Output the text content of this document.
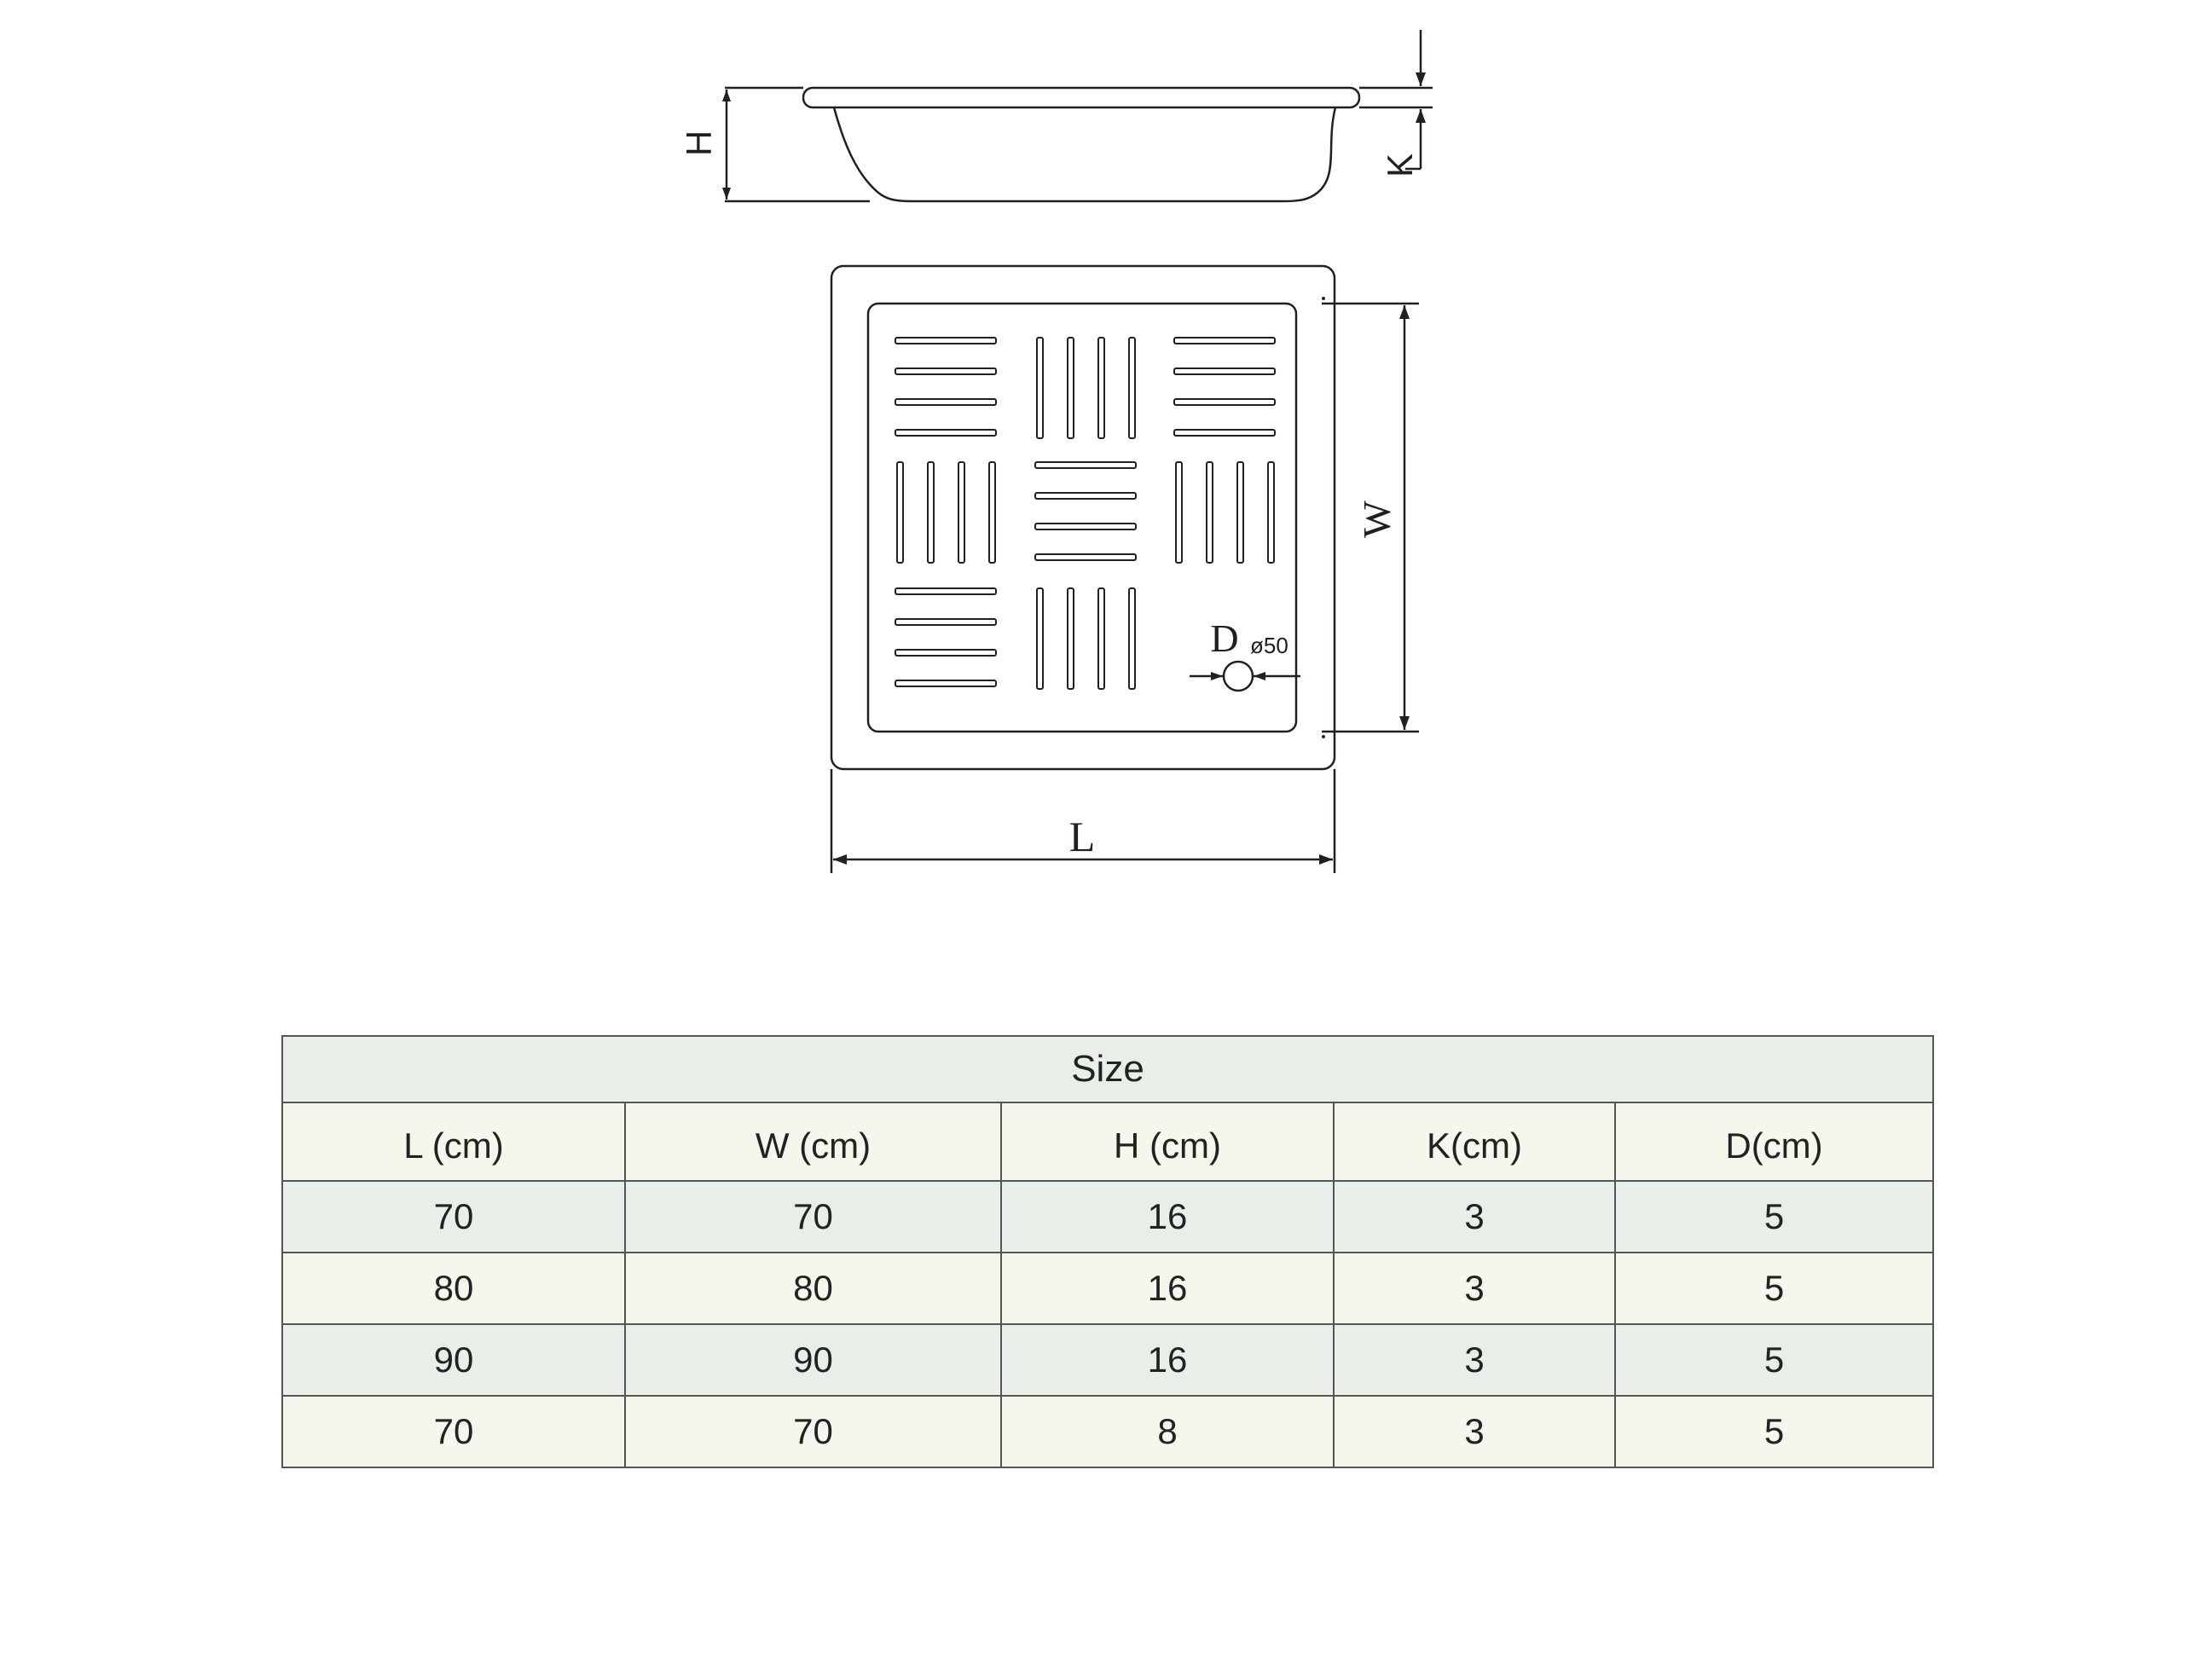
H
K
W
L
D ø50
Size				
L (cm)	W (cm)	H (cm)	K(cm)	D(cm)
70	70	16	3	5
80	80	16	3	5
90	90	16	3	5
70	70	8	3	5
